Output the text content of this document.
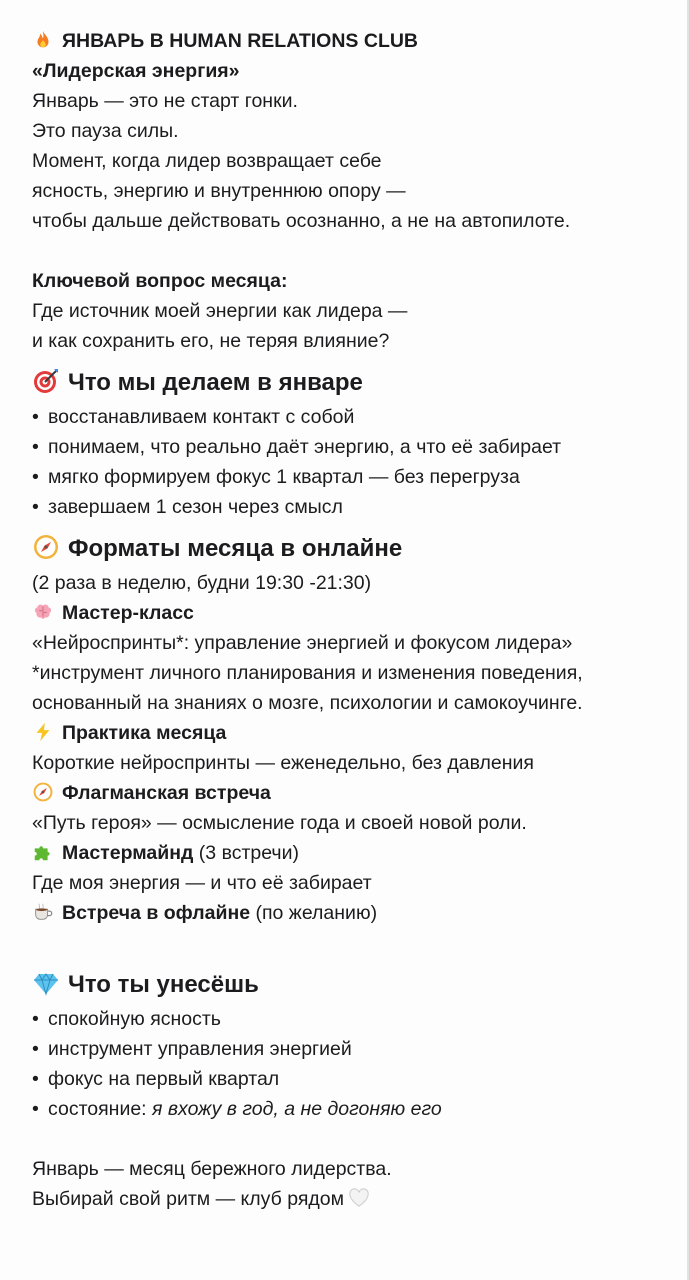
ЯНВАРЬ В HUMAN RELATIONS CLUB
«Лидерская энергия»
Январь — это не старт гонки.
Это пауза силы.
Момент, когда лидер возвращает себе
ясность, энергию и внутреннюю опору —
чтобы дальше действовать осознанно, а не на автопилоте.
Ключевой вопрос месяца:
Где источник моей энергии как лидера —
и как сохранить его, не теряя влияние?
Что мы делаем в январе
• восстанавливаем контакт с собой
• понимаем, что реально даёт энергию, а что её забирает
• мягко формируем фокус 1 квартал — без перегруза
• завершаем 1 сезон через смысл
Форматы месяца в онлайне
(2 раза в неделю, будни 19:30 -21:30)
Мастер-класс
«Нейроспринты*: управление энергией и фокусом лидера»
*инструмент личного планирования и изменения поведения,
основанный на знаниях о мозге, психологии и самокоучинге.
Практика месяца
Короткие нейроспринты — еженедельно, без давления
Флагманская встреча
«Путь героя» — осмысление года и своей новой роли.
Мастермайнд (3 встречи)
Где моя энергия — и что её забирает
Встреча в офлайне (по желанию)
Что ты унесёшь
• спокойную ясность
• инструмент управления энергией
• фокус на первый квартал
• состояние: я вхожу в год, а не догоняю его
Январь — месяц бережного лидерства.
Выбирай свой ритм — клуб рядом
